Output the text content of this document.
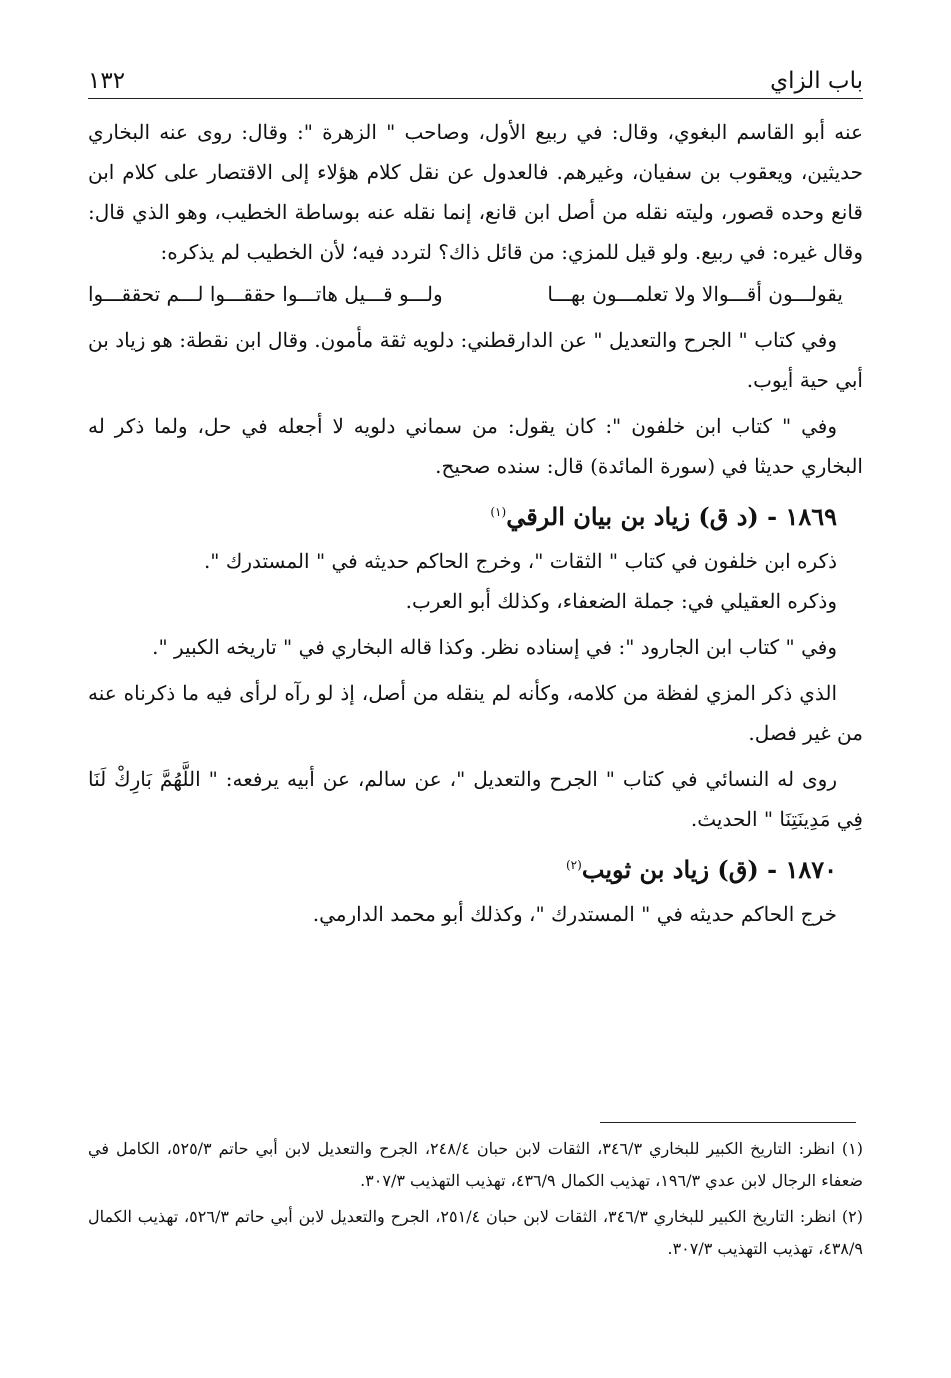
باب الزاي
١٣٢

عنه أبو القاسم البغوي، وقال: في ربيع الأول، وصاحب " الزهرة ": وقال: روى عنه البخاري حديثين، ويعقوب بن سفيان، وغيرهم. فالعدول عن نقل كلام هؤلاء إلى الاقتصار على كلام ابن قانع وحده قصور، وليته نقله من أصل ابن قانع، إنما نقله عنه بوساطة الخطيب، وهو الذي قال: وقال غيره: في ربيع. ولو قيل للمزي: من قائل ذاك؟ لتردد فيه؛ لأن الخطيب لم يذكره:

يقولـــون أقـــوالا ولا تعلمـــون بهـــا
ولـــو قـــيل هاتـــوا حققـــوا لـــم تحققـــوا

وفي كتاب " الجرح والتعديل " عن الدارقطني: دلويه ثقة مأمون. وقال ابن نقطة: هو زياد بن أبي حية أيوب.

وفي " كتاب ابن خلفون ": كان يقول: من سماني دلويه لا أجعله في حل، ولما ذكر له البخاري حديثا في (سورة المائدة) قال: سنده صحيح.

١٨٦٩ - (د ق) زياد بن بيان الرقي$^{(١)}$

ذكره ابن خلفون في كتاب " الثقات "، وخرج الحاكم حديثه في " المستدرك ".

وذكره العقيلي في: جملة الضعفاء، وكذلك أبو العرب.

وفي " كتاب ابن الجارود ": في إسناده نظر. وكذا قاله البخاري في " تاريخه الكبير ".

الذي ذكر المزي لفظة من كلامه، وكأنه لم ينقله من أصل، إذ لو رآه لرأى فيه ما ذكرناه عنه من غير فصل.

روى له النسائي في كتاب " الجرح والتعديل "، عن سالم، عن أبيه يرفعه: " اللَّهُمَّ بَارِكْ لَنَا فِي مَدِينَتِنَا " الحديث.

١٨٧٠ - (ق) زياد بن ثويب$^{(٢)}$

خرج الحاكم حديثه في " المستدرك "، وكذلك أبو محمد الدارمي.

(١) انظر: التاريخ الكبير للبخاري ٣٤٦/٣، الثقات لابن حبان ٢٤٨/٤، الجرح والتعديل لابن أبي حاتم ٥٢٥/٣، الكامل في ضعفاء الرجال لابن عدي ١٩٦/٣، تهذيب الكمال ٤٣٦/٩، تهذيب التهذيب ٣٠٧/٣.

(٢) انظر: التاريخ الكبير للبخاري ٣٤٦/٣، الثقات لابن حبان ٢٥١/٤، الجرح والتعديل لابن أبي حاتم ٥٢٦/٣، تهذيب الكمال ٤٣٨/٩، تهذيب التهذيب ٣٠٧/٣.
